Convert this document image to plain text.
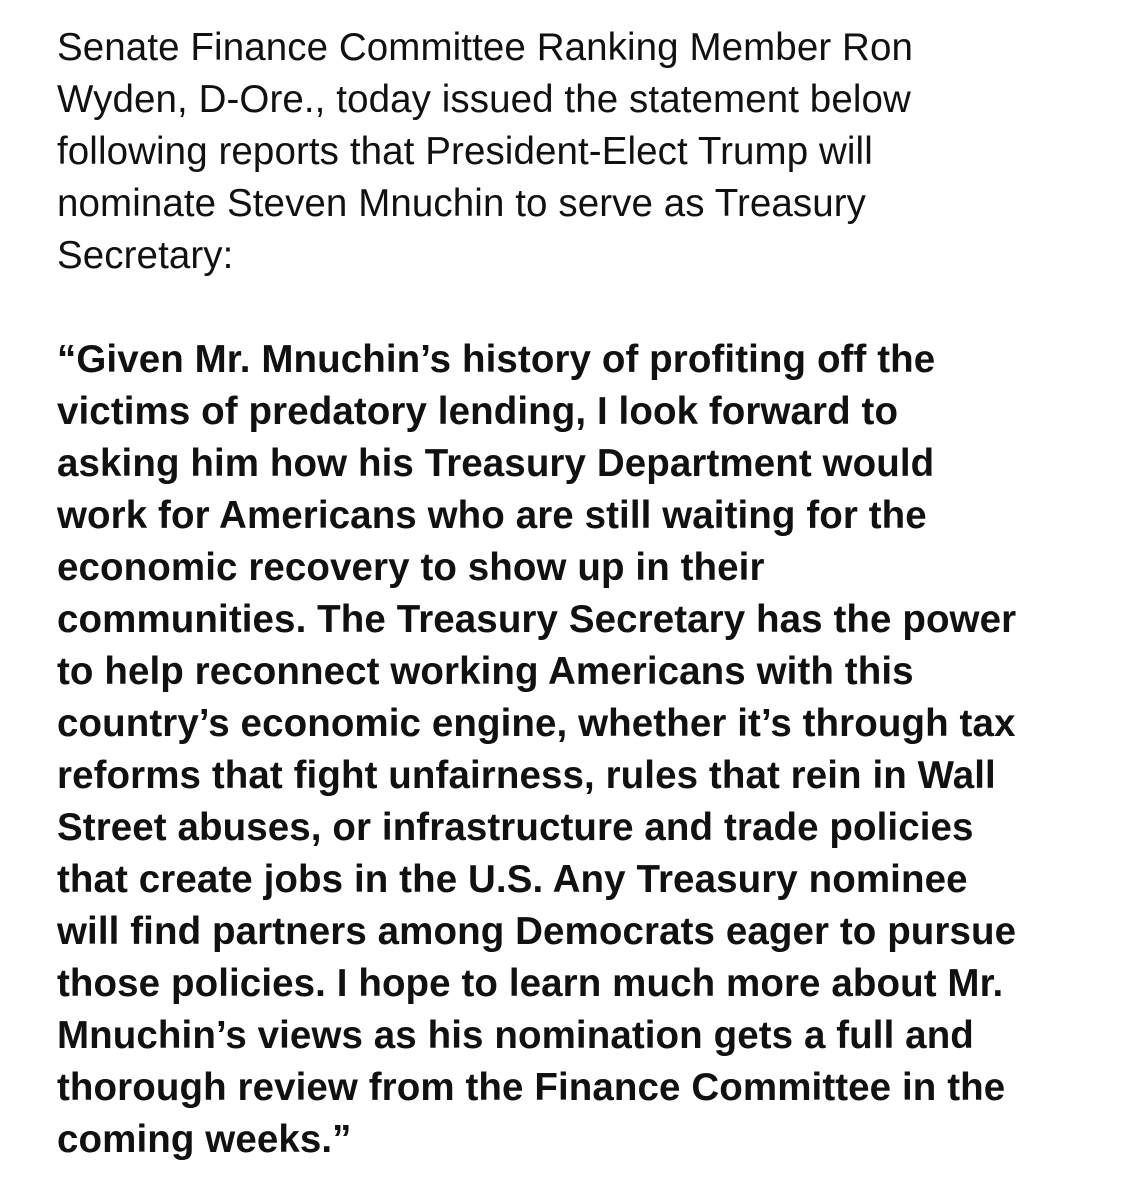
Senate Finance Committee Ranking Member Ron
Wyden, D-Ore., today issued the statement below
following reports that President-Elect Trump will
nominate Steven Mnuchin to serve as Treasury
Secretary:

“Given Mr. Mnuchin’s history of profiting off the
victims of predatory lending, I look forward to
asking him how his Treasury Department would
work for Americans who are still waiting for the
economic recovery to show up in their
communities. The Treasury Secretary has the power
to help reconnect working Americans with this
country’s economic engine, whether it’s through tax
reforms that fight unfairness, rules that rein in Wall
Street abuses, or infrastructure and trade policies
that create jobs in the U.S. Any Treasury nominee
will find partners among Democrats eager to pursue
those policies. I hope to learn much more about Mr.
Mnuchin’s views as his nomination gets a full and
thorough review from the Finance Committee in the
coming weeks.”
